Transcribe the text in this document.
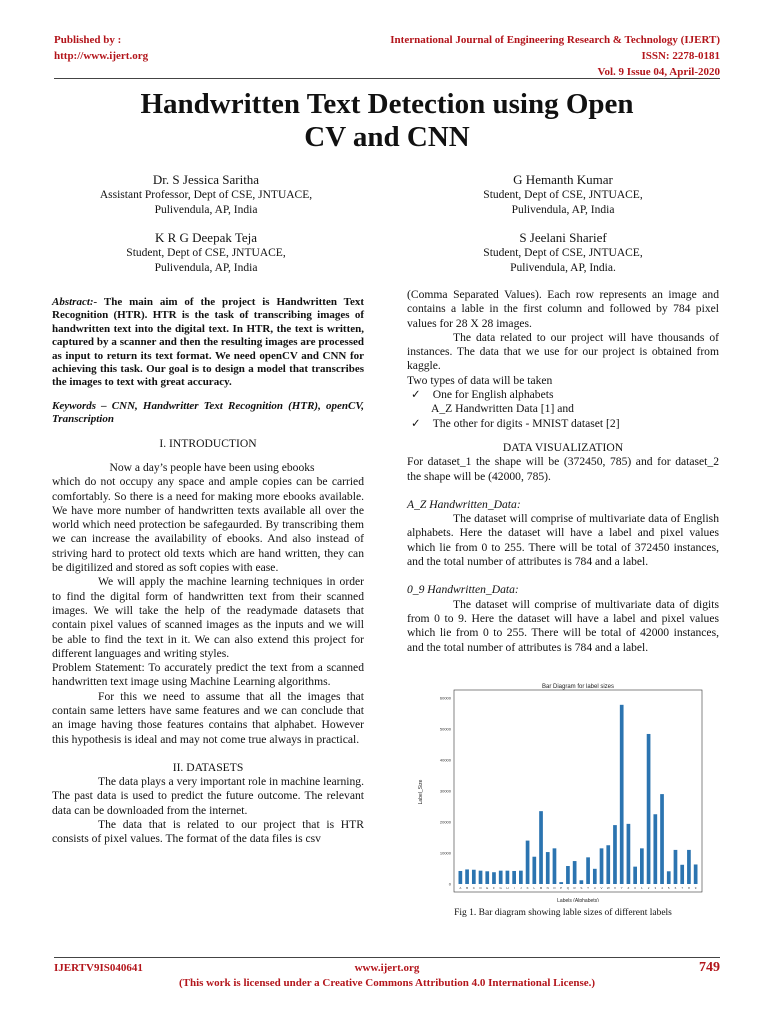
Published by :
http://www.ijert.org
International Journal of Engineering Research & Technology (IJERT)
ISSN: 2278-0181
Vol. 9 Issue 04, April-2020
Handwritten Text Detection using Open
CV and CNN
Dr. S Jessica Saritha
Assistant Professor, Dept of CSE, JNTUACE,
Pulivendula, AP, India
G Hemanth Kumar
Student, Dept of CSE, JNTUACE,
Pulivendula, AP, India
K R G Deepak Teja
Student, Dept of CSE, JNTUACE,
Pulivendula, AP, India
S Jeelani Sharief
Student, Dept of CSE, JNTUACE,
Pulivendula, AP, India.

Abstract:- The main aim of the project is Handwritten Text Recognition (HTR). HTR is the task of transcribing images of handwritten text into the digital text. In HTR, the text is written, captured by a scanner and then the resulting images are processed as input to return its text format. We need openCV and CNN for achieving this task. Our goal is to design a model that transcribes the images to text with great accuracy.

Keywords – CNN, Handwritter Text Recognition (HTR), openCV, Transcription

I. INTRODUCTION

Now a day’s people have been using ebooks

which do not occupy any space and ample copies can be carried comfortably. So there is a need for making more ebooks available. We have more number of handwritten texts available all over the world which need protection be safegaurded. By transcribing them we can increase the availability of ebooks. And also instead of striving hard to protect old texts which are hand written, they can be digitilized and stored as soft copies with ease.

We will apply the machine learning techniques in order to find the digital form of handwritten text from their scanned images. We will take the help of the readymade datasets that contain pixel values of scanned images as the inputs and we will be able to find the text in it. We can also extend this project for different languages and writing styles.

Problem Statement: To accurately predict the text from a scanned handwritten text image using Machine Learning algorithms.

For this we need to assume that all the images that contain same letters have same features and we can conclude that an image having those features contains that alphabet. However this hypothesis is ideal and may not come true always in practical.

II. DATASETS

The data plays a very important role in machine learning. The past data is used to predict the future outcome. The relevant data can be downloaded from the internet.

The data that is related to our project that is HTR consists of pixel values. The format of the data files is csv

(Comma Separated Values). Each row represents an image and contains a lable in the first column and followed by 784 pixel values for 28 X 28 images.

The data related to our project will have thousands of instances. The data that we use for our project is obtained from kaggle.

Two types of data will be taken

✓ One for English alphabets

A_Z Handwritten Data [1] and

✓ The other for digits - MNIST dataset [2]

DATA VISUALIZATION

For dataset_1 the shape will be (372450, 785) and for dataset_2 the shape will be (42000, 785).

A_Z Handwritten_Data:

The dataset will comprise of multivariate data of English alphabets. Here the dataset will have a label and pixel values which lie from 0 to 255. There will be total of 372450 instances, and the total number of attributes is 784 and a label.

0_9 Handwritten_Data:

The dataset will comprise of multivariate data of digits from 0 to 9. Here the dataset will have a label and pixel values which lie from 0 to 255. There will be total of 42000 instances, and the total number of attributes is 784 and a label.

Bar Diagram for label sizes
Label_Size
Labels (Alphabets)
0
10000
20000
30000
40000
50000
60000
A B C D E F G H I J K L M N O P Q R S T U V W X Y Z 0 1 2 3 4 5 6 7 8 9
Fig 1. Bar diagram showing lable sizes of different labels
IJERTV9IS040641	www.ijert.org	749
(This work is licensed under a Creative Commons Attribution 4.0 International License.)
